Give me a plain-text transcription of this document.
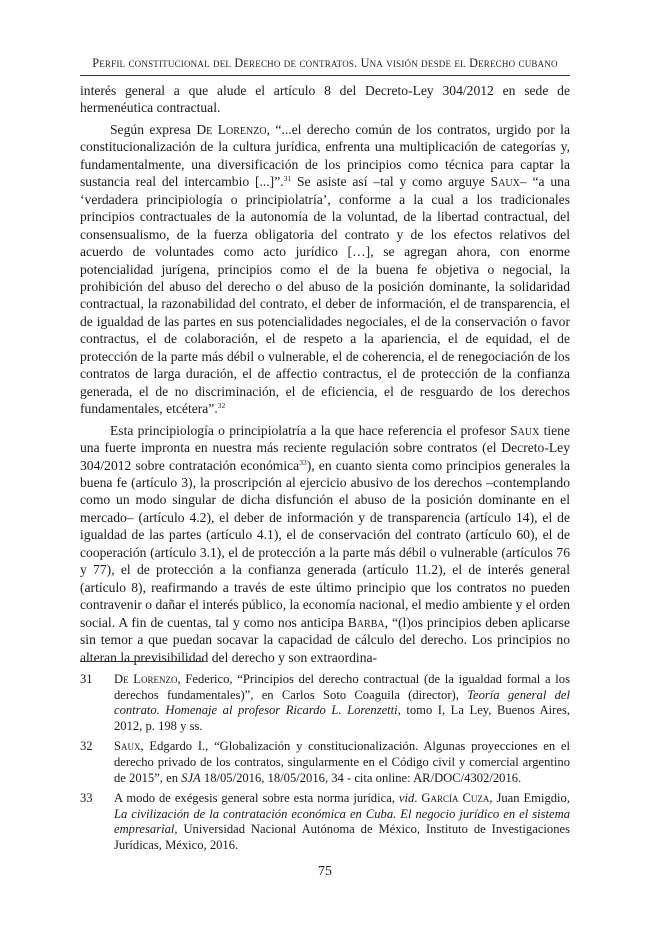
Perfil constitucional del Derecho de contratos. Una visión desde el Derecho cubano

interés general a que alude el artículo 8 del Decreto-Ley 304/2012 en sede de hermenéutica contractual.

Según expresa De Lorenzo, “...el derecho común de los contratos, urgido por la constitucionalización de la cultura jurídica, enfrenta una multiplicación de categorías y, fundamentalmente, una diversificación de los principios como técnica para captar la sustancia real del intercambio [...]”.$^{31}$ Se asiste así –tal y como arguye Saux– “a una ‘verdadera principiología o principiolatría’, conforme a la cual a los tradicionales principios contractuales de la autonomía de la voluntad, de la libertad contractual, del consensualismo, de la fuerza obligatoria del contrato y de los efectos relativos del acuerdo de voluntades como acto jurídico […], se agregan ahora, con enorme potencialidad jurígena, principios como el de la buena fe objetiva o negocial, la prohibición del abuso del derecho o del abuso de la posición dominante, la solidaridad contractual, la razonabilidad del contrato, el deber de información, el de transparencia, el de igualdad de las partes en sus potencialidades negociales, el de la conservación o favor contractus, el de colaboración, el de respeto a la apariencia, el de equidad, el de protección de la parte más débil o vulnerable, el de coherencia, el de renegociación de los contratos de larga duración, el de affectio contractus, el de protección de la confianza generada, el de no discriminación, el de eficiencia, el de resguardo de los derechos fundamentales, etcétera”.$^{32}$

Esta principiología o principiolatría a la que hace referencia el profesor Saux tiene una fuerte impronta en nuestra más reciente regulación sobre contratos (el Decreto-Ley 304/2012 sobre contratación económica$^{33}$), en cuanto sienta como principios generales la buena fe (artículo 3), la proscripción al ejercicio abusivo de los derechos –contemplando como un modo singular de dicha disfunción el abuso de la posición dominante en el mercado– (artículo 4.2), el deber de información y de transparencia (artículo 14), el de igualdad de las partes (artículo 4.1), el de conservación del contrato (artículo 60), el de cooperación (artículo 3.1), el de protección a la parte más débil o vulnerable (artículos 76 y 77), el de protección a la confianza generada (artículo 11.2), el de interés general (artículo 8), reafirmando a través de este último principio que los contratos no pueden contravenir o dañar el interés público, la economía nacional, el medio ambiente y el orden social. A fin de cuentas, tal y como nos anticipa Barba, “(l)os principios deben aplicarse sin temor a que puedan socavar la capacidad de cálculo del derecho. Los principios no alteran la previsibilidad del derecho y son extraordina-

31	De Lorenzo, Federico, “Principios del derecho contractual (de la igualdad formal a los derechos fundamentales)”, en Carlos Soto Coaguila (director), Teoría general del contrato. Homenaje al profesor Ricardo L. Lorenzetti, tomo I, La Ley, Buenos Aires, 2012, p. 198 y ss.
32	Saux, Edgardo I., “Globalización y constitucionalización. Algunas proyecciones en el derecho privado de los contratos, singularmente en el Código civil y comercial argentino de 2015”, en SJA 18/05/2016, 18/05/2016, 34 - cita online: AR/DOC/4302/2016.
33	A modo de exégesis general sobre esta norma jurídica, vid. García Cuza, Juan Emigdio, La civilización de la contratación económica en Cuba. El negocio jurídico en el sistema empresarial, Universidad Nacional Autónoma de México, Instituto de Investigaciones Jurídicas, México, 2016.
75
